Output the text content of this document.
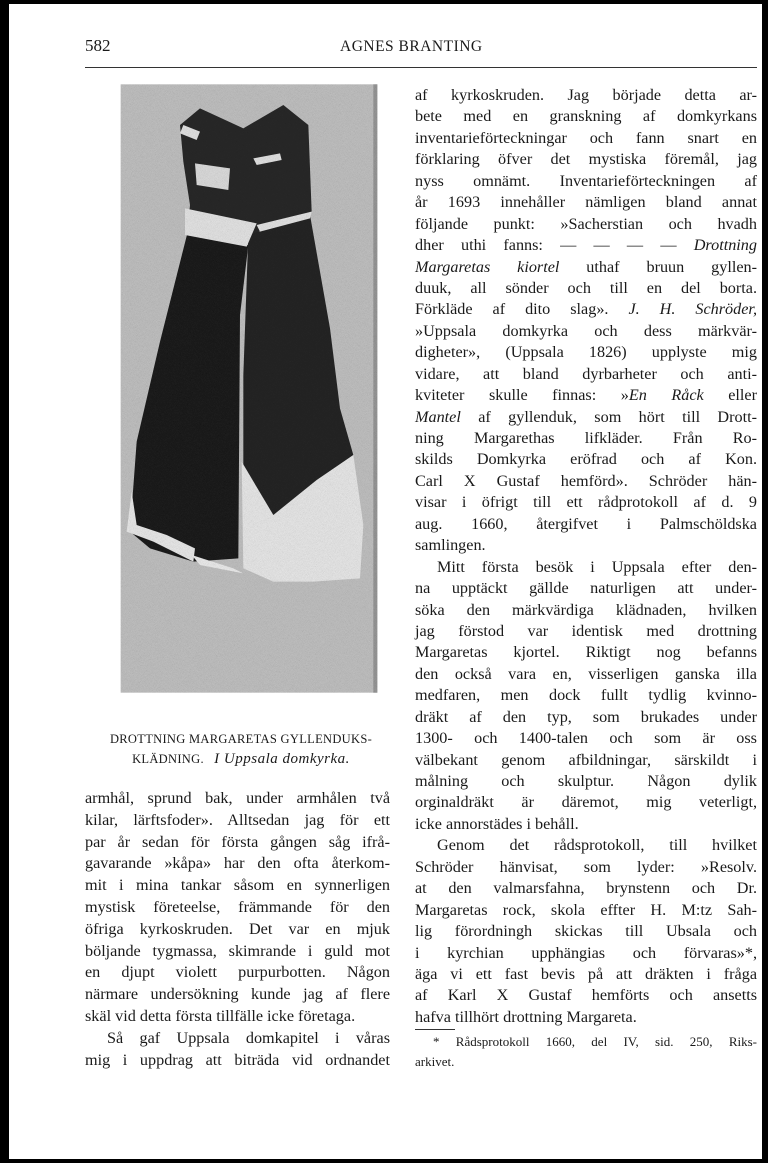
582	AGNES BRANTING
DROTTNING MARGARETAS GYLLENDUKS-
KLÄDNING. I Uppsala domkyrka.
armhål, sprund bak, under armhålen två
kilar, lärftsfoder». Alltsedan jag för ett
par år sedan för första gången såg ifrå-
gavarande »kåpa» har den ofta återkom-
mit i mina tankar såsom en synnerligen
mystisk företeelse, främmande för den
öfriga kyrkoskruden. Det var en mjuk
böljande tygmassa, skimrande i guld mot
en djupt violett purpurbotten. Någon
närmare undersökning kunde jag af flere
skäl vid detta första tillfälle icke företaga.
Så gaf Uppsala domkapitel i våras
mig i uppdrag att biträda vid ordnandet
af kyrkoskruden. Jag började detta ar-
bete med en granskning af domkyrkans
inventarieförteckningar och fann snart en
förklaring öfver det mystiska föremål, jag
nyss omnämt. Inventarieförteckningen af
år 1693 innehåller nämligen bland annat
följande punkt: »Sacherstian och hvadh
dher uthi fanns: — — — — Drottning
Margaretas kiortel uthaf bruun gyllen-
duuk, all sönder och till en del borta.
Förkläde af dito slag». J. H. Schröder,
»Uppsala domkyrka och dess märkvär-
digheter», (Uppsala 1826) upplyste mig
vidare, att bland dyrbarheter och anti-
kviteter skulle finnas: »En Råck eller
Mantel af gyllenduk, som hört till Drott-
ning Margarethas lifkläder. Från Ro-
skilds Domkyrka eröfrad och af Kon.
Carl X Gustaf hemförd». Schröder hän-
visar i öfrigt till ett rådprotokoll af d. 9
aug. 1660, återgifvet i Palmschöldska
samlingen.
Mitt första besök i Uppsala efter den-
na upptäckt gällde naturligen att under-
söka den märkvärdiga klädnaden, hvilken
jag förstod var identisk med drottning
Margaretas kjortel. Riktigt nog befanns
den också vara en, visserligen ganska illa
medfaren, men dock fullt tydlig kvinno-
dräkt af den typ, som brukades under
1300- och 1400-talen och som är oss
välbekant genom afbildningar, särskildt i
målning och skulptur. Någon dylik
orginaldräkt är däremot, mig veterligt,
icke annorstädes i behåll.
Genom det rådsprotokoll, till hvilket
Schröder hänvisat, som lyder: »Resolv.
at den valmarsfahna, brynstenn och Dr.
Margaretas rock, skola effter H. M:tz Sah-
lig förordningh skickas till Ubsala och
i kyrchian upphängias och förvaras»*,
äga vi ett fast bevis på att dräkten i fråga
af Karl X Gustaf hemförts och ansetts
hafva tillhört drottning Margareta.
* Rådsprotokoll 1660, del IV, sid. 250, Riks-
arkivet.
